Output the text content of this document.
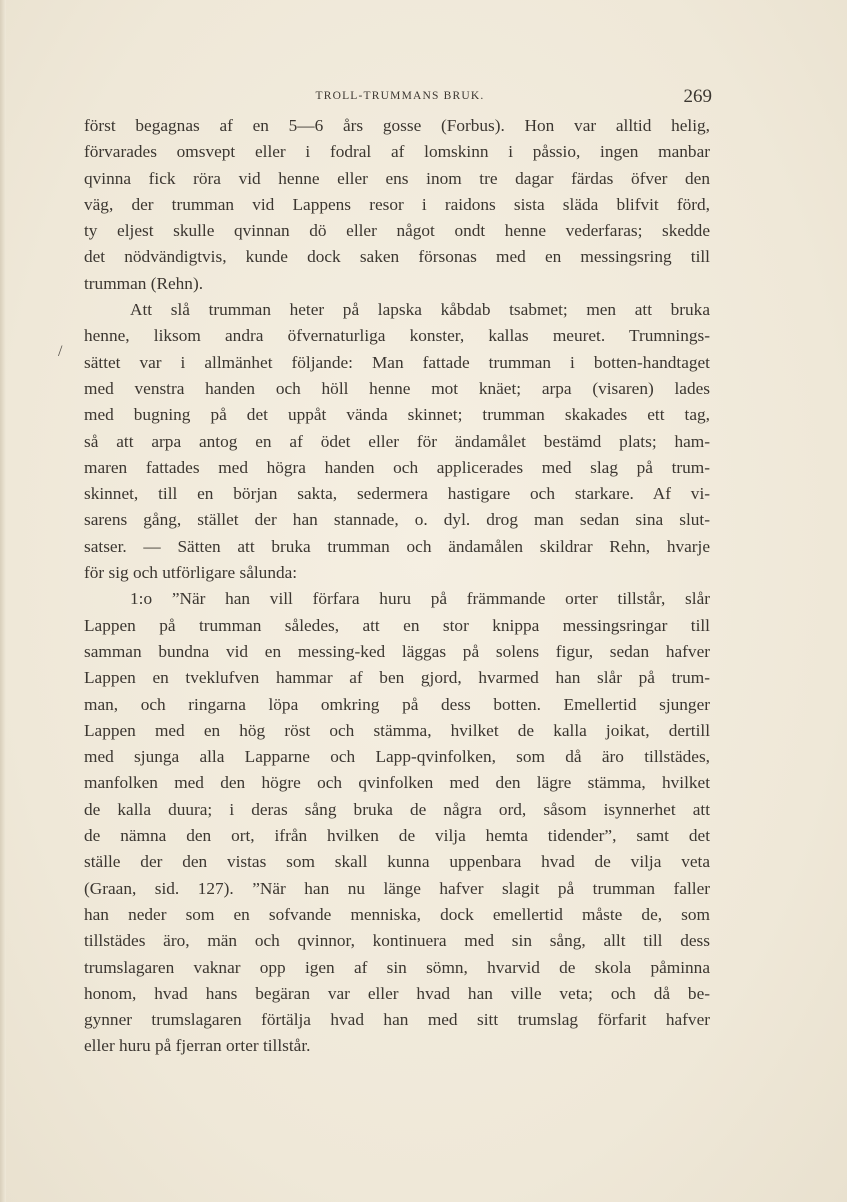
TROLL-TRUMMANS BRUK.	269
/
först begagnas af en 5—6 års gosse (Forbus). Hon var alltid helig,
förvarades omsvept eller i fodral af lomskinn i påssio, ingen manbar
qvinna fick röra vid henne eller ens inom tre dagar färdas öfver den
väg, der trumman vid Lappens resor i raidons sista släda blifvit förd,
ty eljest skulle qvinnan dö eller något ondt henne vederfaras; skedde
det nödvändigtvis, kunde dock saken försonas med en messingsring till
trumman (Rehn).
Att slå trumman heter på lapska kåbdab tsabmet; men att bruka
henne, liksom andra öfvernaturliga konster, kallas meuret. Trumnings-
sättet var i allmänhet följande: Man fattade trumman i botten-handtaget
med venstra handen och höll henne mot knäet; arpa (visaren) lades
med bugning på det uppåt vända skinnet; trumman skakades ett tag,
så att arpa antog en af ödet eller för ändamålet bestämd plats; ham-
maren fattades med högra handen och applicerades med slag på trum-
skinnet, till en början sakta, sedermera hastigare och starkare. Af vi-
sarens gång, stället der han stannade, o. dyl. drog man sedan sina slut-
satser. — Sätten att bruka trumman och ändamålen skildrar Rehn, hvarje
för sig och utförligare sålunda:
1:o ”När han vill förfara huru på främmande orter tillstår, slår
Lappen på trumman således, att en stor knippa messingsringar till
samman bundna vid en messing-ked läggas på solens figur, sedan hafver
Lappen en tveklufven hammar af ben gjord, hvarmed han slår på trum-
man, och ringarna löpa omkring på dess botten. Emellertid sjunger
Lappen med en hög röst och stämma, hvilket de kalla joikat, dertill
med sjunga alla Lapparne och Lapp-qvinfolken, som då äro tillstädes,
manfolken med den högre och qvinfolken med den lägre stämma, hvilket
de kalla duura; i deras sång bruka de några ord, såsom isynnerhet att
de nämna den ort, ifrån hvilken de vilja hemta tidender”, samt det
ställe der den vistas som skall kunna uppenbara hvad de vilja veta
(Graan, sid. 127). ”När han nu länge hafver slagit på trumman faller
han neder som en sofvande menniska, dock emellertid måste de, som
tillstädes äro, män och qvinnor, kontinuera med sin sång, allt till dess
trumslagaren vaknar opp igen af sin sömn, hvarvid de skola påminna
honom, hvad hans begäran var eller hvad han ville veta; och då be-
gynner trumslagaren förtälja hvad han med sitt trumslag förfarit hafver
eller huru på fjerran orter tillstår.
